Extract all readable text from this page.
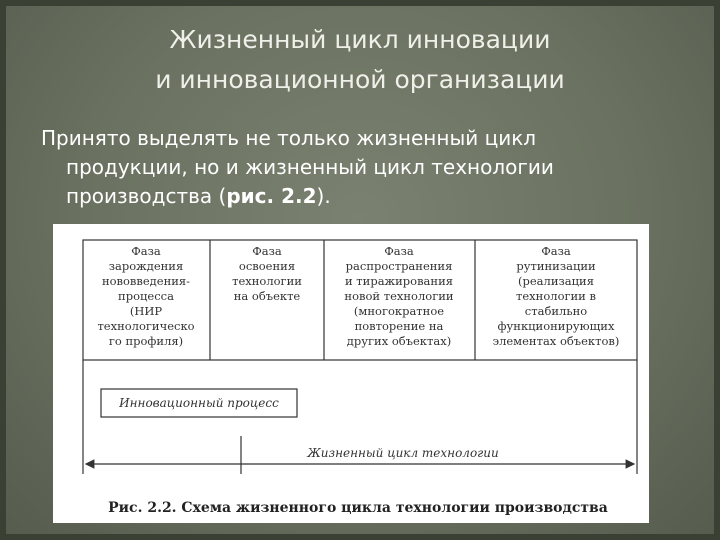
Жизненный цикл инновации
и инновационной организации
Принято выделять не только жизненный цикл
продукции, но и жизненный цикл технологии
производства (рис. 2.2).
Фаза зарождения нововведения-процесса (НИР технологическо го профиля)
Фаза освоения технологии на объекте
Фаза распространения и тиражирования новой технологии (многократное повторение на других объектах)
Фаза рутинизации (реализация технологии в стабильно функционирующих элементах объектов)
Инновационный процесс
Жизненный цикл технологии
Рис. 2.2. Схема жизненного цикла технологии производства
